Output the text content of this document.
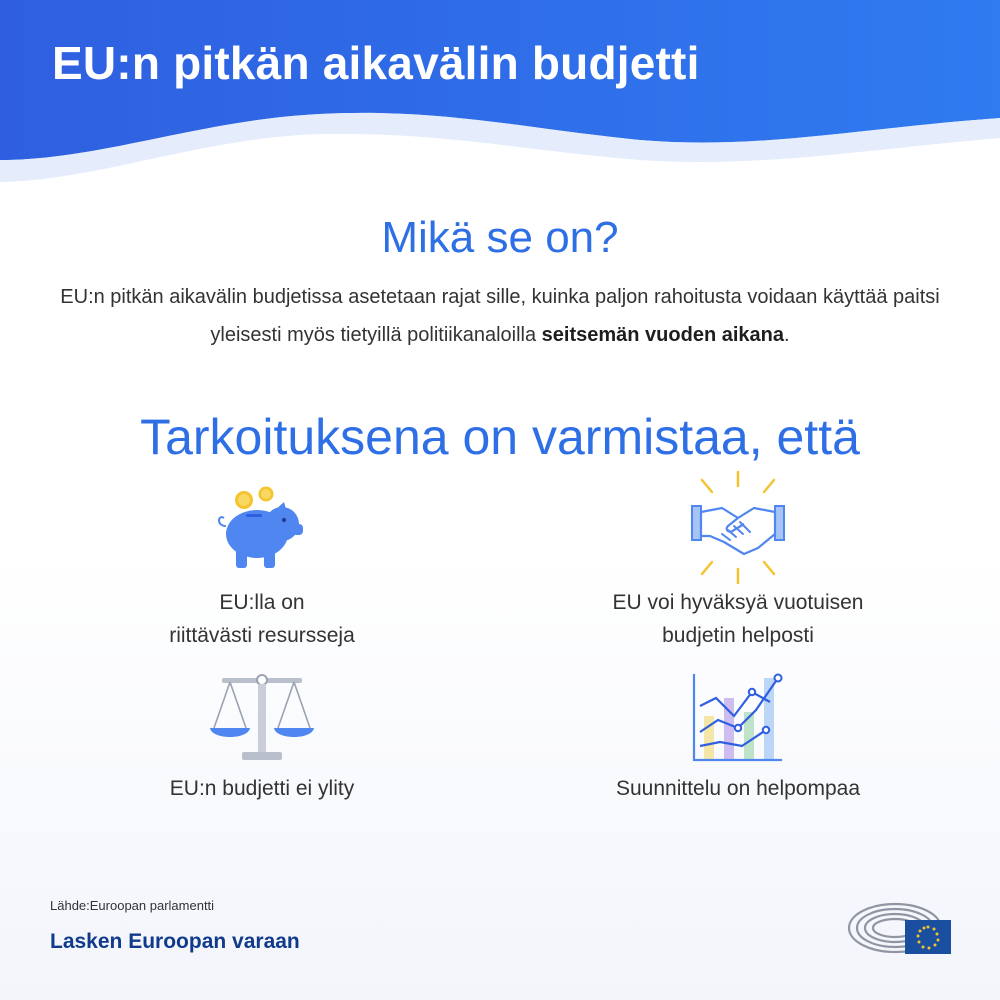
EU:n pitkän aikavälin budjetti
Mikä se on?

EU:n pitkän aikavälin budjetissa asetetaan rajat sille, kuinka paljon rahoitusta voidaan käyttää paitsi yleisesti myös tietyillä politiikanaloilla seitsemän vuoden aikana.

Tarkoituksena on varmistaa, että

EU:lla on
riittävästi resursseja

EU voi hyväksyä vuotuisen
budjetin helposti

EU:n budjetti ei ylity	Suunnittelu on helpompaa

Lähde:Euroopan parlamentti

Lasken Euroopan varaan
